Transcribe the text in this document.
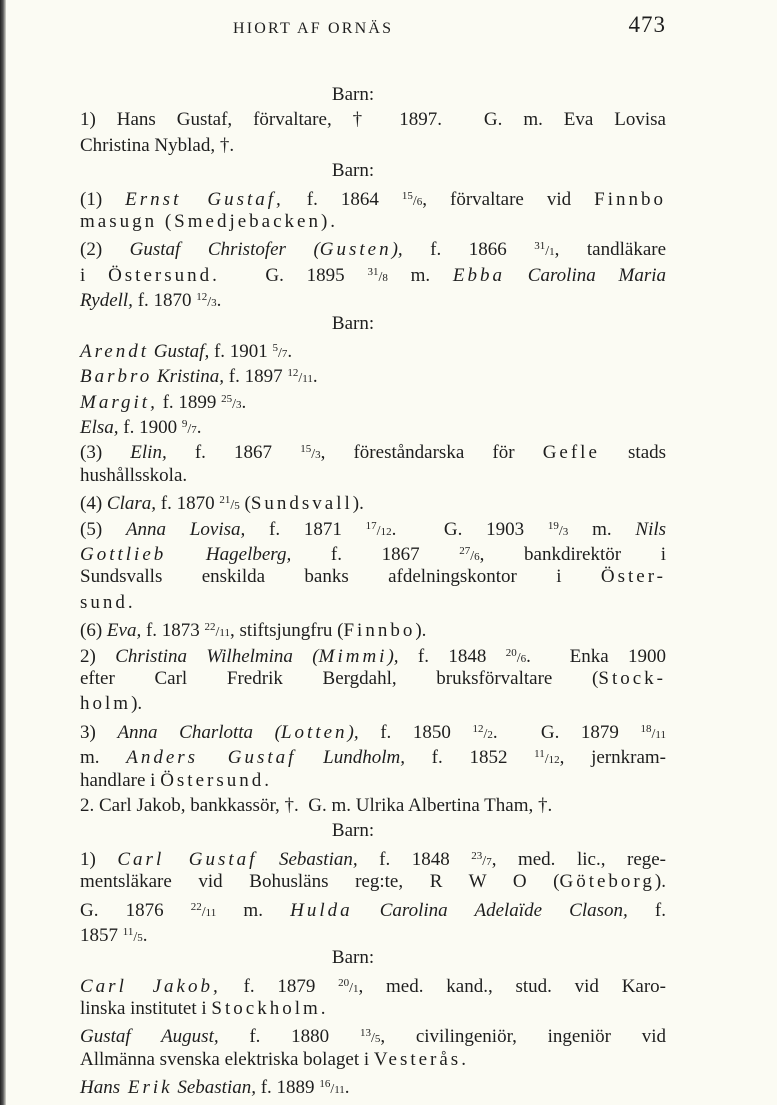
HIORT AF ORNÄS	473
Barn:
1) Hans Gustaf, förvaltare, † 1897.  G. m. Eva Lovisa
Christina Nyblad, †.
Barn:
(1) Ernst Gustaf, f. 1864 15/6, förvaltare vid Finnbo
masugn (Smedjebacken).
(2) Gustaf Christofer (Gusten), f. 1866 31/1, tandläkare
i Östersund.  G. 1895 31/8 m. Ebba Carolina Maria
Rydell, f. 1870 12/3.
Barn:
Arendt Gustaf, f. 1901 5/7.
Barbro Kristina, f. 1897 12/11.
Margit, f. 1899 25/3.
Elsa, f. 1900 9/7.
(3) Elin, f. 1867 15/3, föreståndarska för Gefle stads
hushållsskola.
(4) Clara, f. 1870 21/5 (Sundsvall).
(5) Anna Lovisa, f. 1871 17/12.  G. 1903 19/3 m. Nils
Gottlieb Hagelberg, f. 1867 27/6, bankdirektör i
Sundsvalls enskilda banks afdelningskontor i Öster-
sund.
(6) Eva, f. 1873 22/11, stiftsjungfru (Finnbo).
2) Christina Wilhelmina (Mimmi), f. 1848 20/6.  Enka 1900
efter Carl Fredrik Bergdahl, bruksförvaltare (Stock-
holm).
3) Anna Charlotta (Lotten), f. 1850 12/2.  G. 1879 18/11
m. Anders Gustaf Lundholm, f. 1852 11/12, jernkram-
handlare i Östersund.
2. Carl Jakob, bankkassör, †.  G. m. Ulrika Albertina Tham, †.
Barn:
1) Carl Gustaf Sebastian, f. 1848 23/7, med. lic., rege-
mentsläkare vid Bohusläns reg:te, R W O (Göteborg).
G. 1876 22/11 m. Hulda Carolina Adelaïde Clason, f.
1857 11/5.
Barn:
Carl Jakob, f. 1879 20/1, med. kand., stud. vid Karo-
linska institutet i Stockholm.
Gustaf August, f. 1880 13/5, civilingeniör, ingeniör vid
Allmänna svenska elektriska bolaget i Vesterås.
Hans Erik Sebastian, f. 1889 16/11.
